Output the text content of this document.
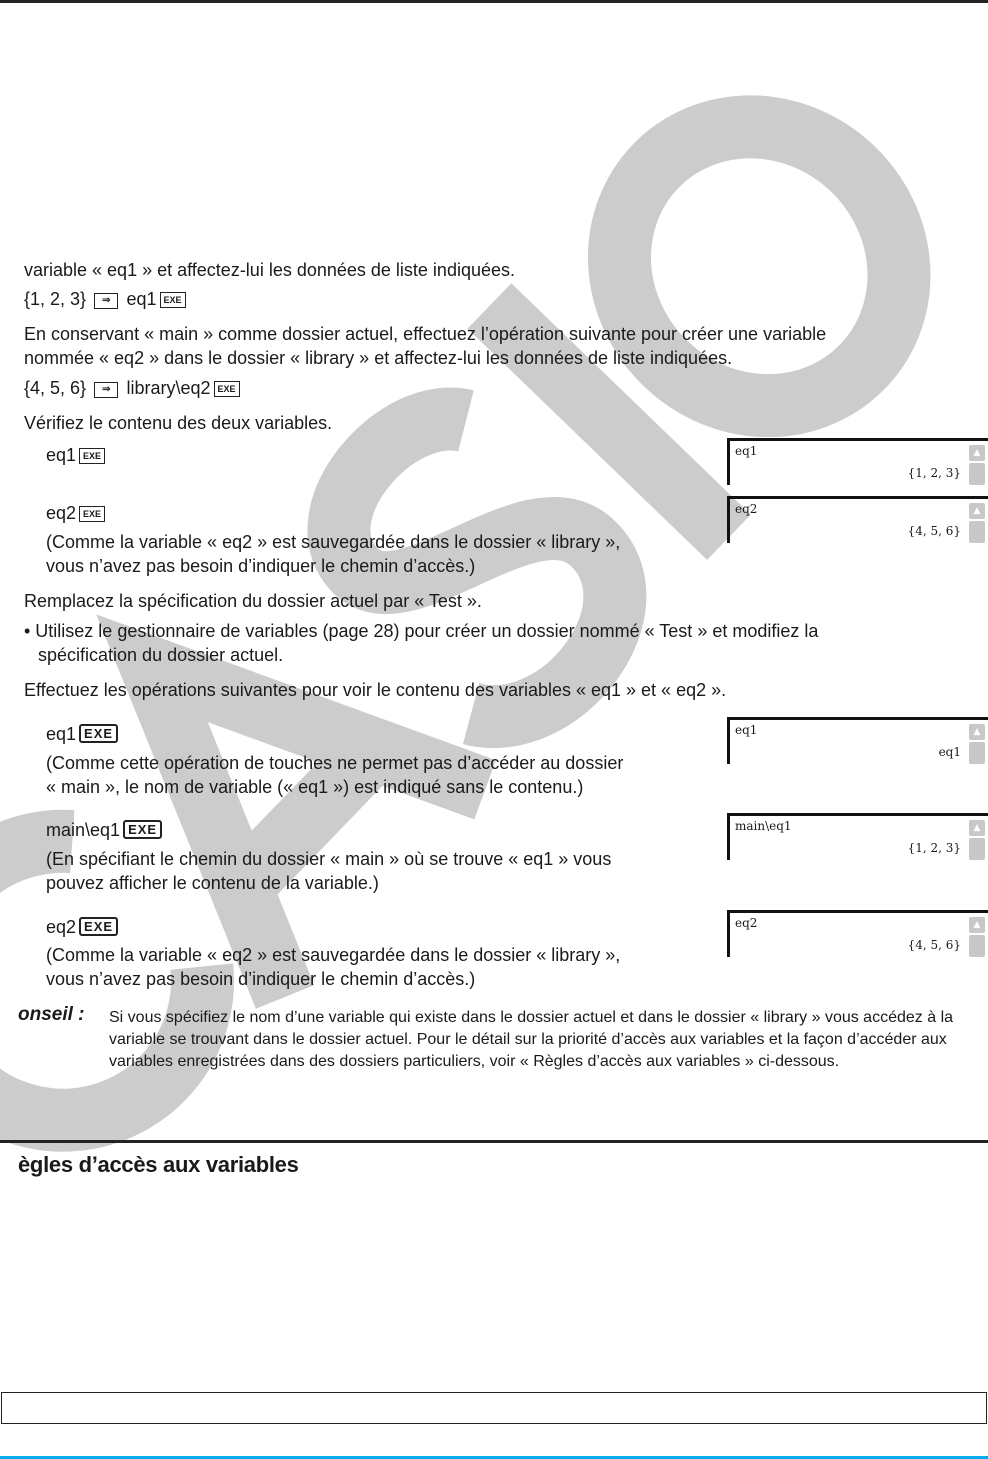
variable « eq1 » et affectez-lui les données de liste indiquées.
{1, 2, 3} ⇒ eq1 EXE
En conservant « main » comme dossier actuel, effectuez l’opération suivante pour créer une variable
nommée « eq2 » dans le dossier « library » et affectez-lui les données de liste indiquées.
{4, 5, 6} ⇒ library\eq2 EXE
Vérifiez le contenu des deux variables.
eq1 EXE
eq2 EXE
(Comme la variable « eq2 » est sauvegardée dans le dossier « library »,
vous n’avez pas besoin d’indiquer le chemin d’accès.)
Remplacez la spécification du dossier actuel par « Test ».
• Utilisez le gestionnaire de variables (page 28) pour créer un dossier nommé « Test » et modifiez la
spécification du dossier actuel.
Effectuez les opérations suivantes pour voir le contenu des variables « eq1 » et « eq2 ».
eq1 EXE
(Comme cette opération de touches ne permet pas d’accéder au dossier
« main », le nom de variable (« eq1 ») est indiqué sans le contenu.)
main\eq1 EXE
(En spécifiant le chemin du dossier « main » où se trouve « eq1 » vous
pouvez afficher le contenu de la variable.)
eq2 EXE
(Comme la variable « eq2 » est sauvegardée dans le dossier « library »,
vous n’avez pas besoin d’indiquer le chemin d’accès.)
eq1
{1, 2, 3}
▲
eq2
{4, 5, 6}
▲
eq1
eq1
▲
main\eq1
{1, 2, 3}
▲
eq2
{4, 5, 6}
▲
onseil : Si vous spécifiez le nom d’une variable qui existe dans le dossier actuel et dans le dossier « library » vous accédez à la variable se trouvant dans le dossier actuel. Pour le détail sur la priorité d’accès aux variables et la façon d’accéder aux variables enregistrées dans des dossiers particuliers, voir « Règles d’accès aux variables » ci-dessous.
ègles d’accès aux variables
